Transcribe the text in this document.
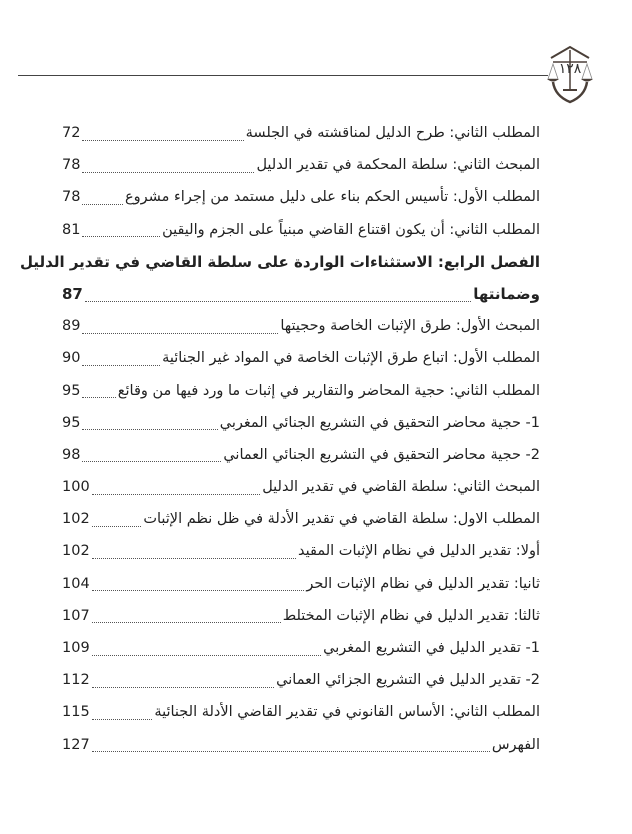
١٢٨
المطلب الثاني: طرح الدليل لمناقشته في الجلسة
72
المبحث الثاني: سلطة المحكمة في تقدير الدليل
78
المطلب الأول: تأسيس الحكم بناء على دليل مستمد من إجراء مشروع
78
المطلب الثاني: أن يكون اقتناع القاضي مبنياً على الجزم واليقين
81
الفصل الرابع: الاستثناءات الواردة على سلطة القاضي في تقدير الدليل
وضمانتها
87
المبحث الأول: طرق الإثبات الخاصة وحجيتها
89
المطلب الأول: اتباع طرق الإثبات الخاصة في المواد غير الجنائية
90
المطلب الثاني: حجية المحاضر والتقارير في إثبات ما ورد فيها من وقائع
95
1- حجية محاضر التحقيق في التشريع الجنائي المغربي
95
2- حجية محاضر التحقيق في التشريع الجنائي العماني
98
المبحث الثاني: سلطة القاضي في تقدير الدليل
100
المطلب الاول: سلطة القاضي في تقدير الأدلة في ظل نظم الإثبات
102
أولا: تقدير الدليل في نظام الإثبات المقيد
102
ثانيا: تقدير الدليل في نظام الإثبات الحر
104
ثالثا: تقدير الدليل في نظام الإثبات المختلط
107
1- تقدير الدليل في التشريع المغربي
109
2- تقدير الدليل في التشريع الجزائي العماني
112
المطلب الثاني: الأساس القانوني في تقدير القاضي الأدلة الجنائية
115
الفهرس
127
